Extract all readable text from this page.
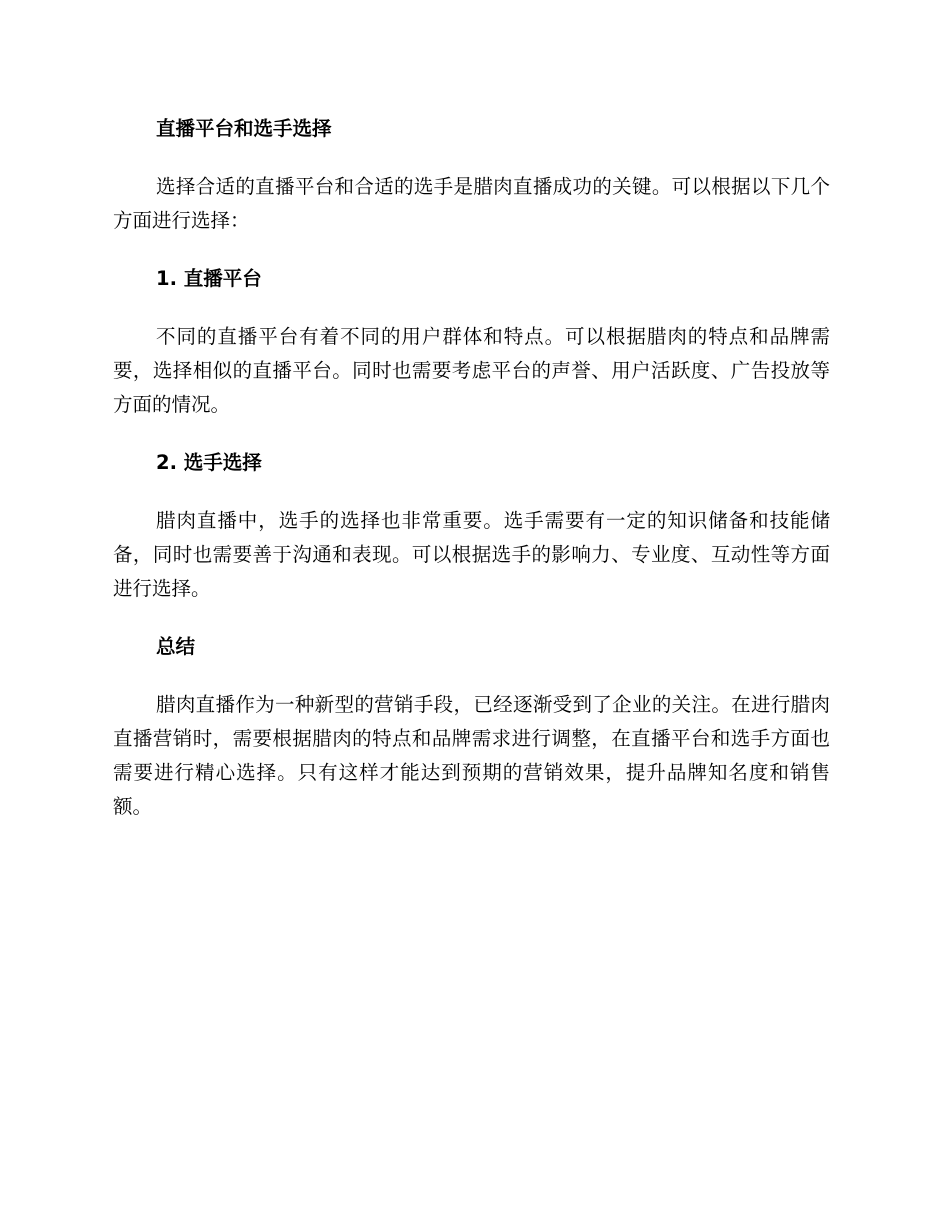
直播平台和选手选择

选择合适的直播平台和合适的选手是腊肉直播成功的关键。可以根据以下几个方面进行选择：

1. 直播平台

不同的直播平台有着不同的用户群体和特点。可以根据腊肉的特点和品牌需要，选择相似的直播平台。同时也需要考虑平台的声誉、用户活跃度、广告投放等方面的情况。

2. 选手选择

腊肉直播中，选手的选择也非常重要。选手需要有一定的知识储备和技能储备，同时也需要善于沟通和表现。可以根据选手的影响力、专业度、互动性等方面进行选择。

总结

腊肉直播作为一种新型的营销手段，已经逐渐受到了企业的关注。在进行腊肉直播营销时，需要根据腊肉的特点和品牌需求进行调整，在直播平台和选手方面也需要进行精心选择。只有这样才能达到预期的营销效果，提升品牌知名度和销售额。
